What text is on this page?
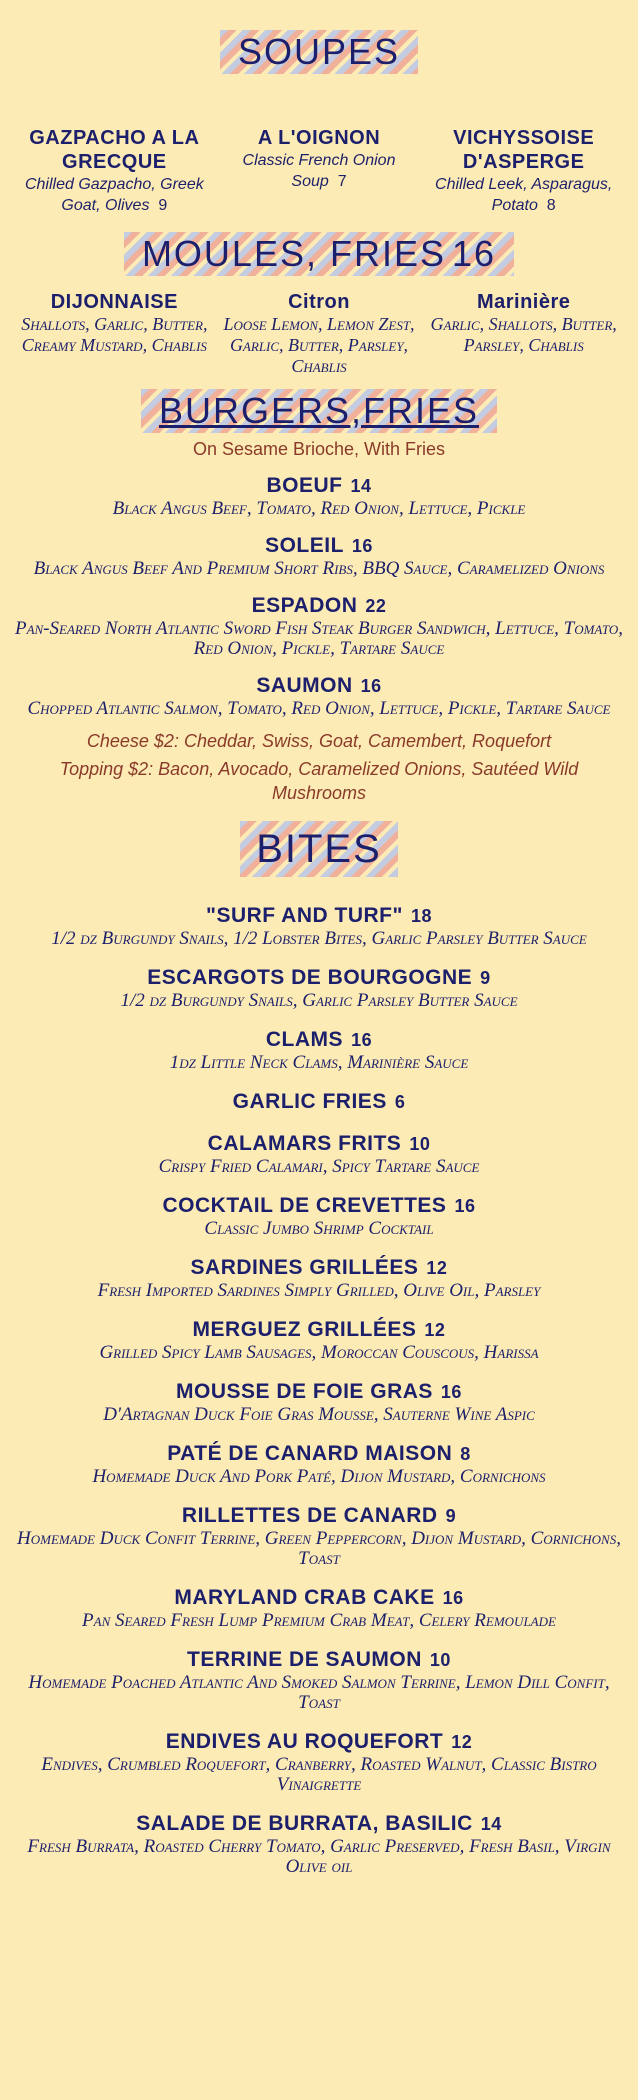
SOUPES
GAZPACHO A LA GRECQUE
Chilled Gazpacho, Greek Goat, Olives 9
A L'OIGNON
Classic French Onion Soup 7
VICHYSSOISE D'ASPERGE
Chilled Leek, Asparagus, Potato 8
MOULES, FRIES 16
DIJONNAISE
Shallots, Garlic, Butter, Creamy Mustard, Chablis
Citron
Loose Lemon, Lemon Zest, Garlic, Butter, Parsley, Chablis
Marinière
Garlic, Shallots, Butter, Parsley, Chablis
BURGERS,FRIES
On Sesame Brioche, With Fries
BOEUF 14
Black Angus Beef, Tomato, Red Onion, Lettuce, Pickle
SOLEIL 16
Black Angus Beef And Premium Short Ribs, BBQ Sauce, Caramelized Onions
ESPADON 22
Pan-Seared North Atlantic Sword Fish Steak Burger Sandwich, Lettuce, Tomato, Red Onion, Pickle, Tartare Sauce
SAUMON 16
Chopped Atlantic Salmon, Tomato, Red Onion, Lettuce, Pickle, Tartare Sauce
Cheese $2: Cheddar, Swiss, Goat, Camembert, Roquefort
Topping $2: Bacon, Avocado, Caramelized Onions, Sautéed Wild Mushrooms
BITES
"SURF AND TURF" 18
1/2 dz Burgundy Snails, 1/2 Lobster Bites, Garlic Parsley Butter Sauce
ESCARGOTS DE BOURGOGNE 9
1/2 dz Burgundy Snails, Garlic Parsley Butter Sauce
CLAMS 16
1dz Little Neck Clams, Marinière Sauce
GARLIC FRIES 6
CALAMARS FRITS 10
Crispy Fried Calamari, Spicy Tartare Sauce
COCKTAIL DE CREVETTES 16
Classic Jumbo Shrimp Cocktail
SARDINES GRILLÉES 12
Fresh Imported Sardines Simply Grilled, Olive Oil, Parsley
MERGUEZ GRILLÉES 12
Grilled Spicy Lamb Sausages, Moroccan Couscous, Harissa
MOUSSE DE FOIE GRAS 16
D'Artagnan Duck Foie Gras Mousse, Sauterne Wine Aspic
PATÉ DE CANARD MAISON 8
Homemade Duck And Pork Paté, Dijon Mustard, Cornichons
RILLETTES DE CANARD 9
Homemade Duck Confit Terrine, Green Peppercorn, Dijon Mustard, Cornichons, Toast
MARYLAND CRAB CAKE 16
Pan Seared Fresh Lump Premium Crab Meat, Celery Remoulade
TERRINE DE SAUMON 10
Homemade Poached Atlantic And Smoked Salmon Terrine, Lemon Dill Confit, Toast
ENDIVES AU ROQUEFORT 12
Endives, Crumbled Roquefort, Cranberry, Roasted Walnut, Classic Bistro Vinaigrette
SALADE DE BURRATA, BASILIC 14
Fresh Burrata, Roasted Cherry Tomato, Garlic Preserved, Fresh Basil, Virgin Olive oil
